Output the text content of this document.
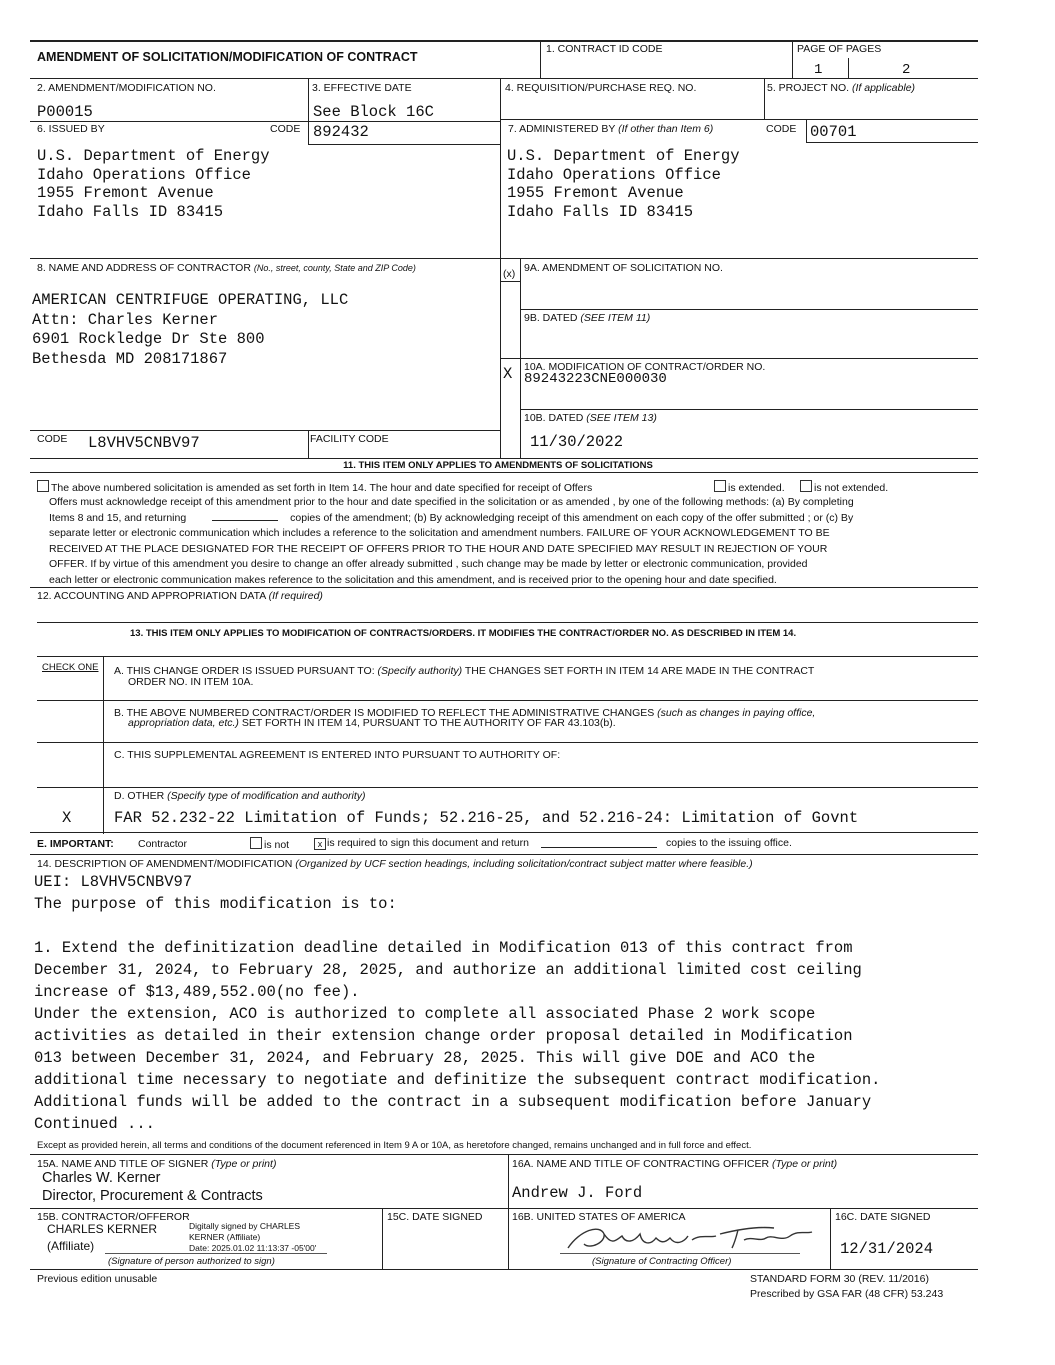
AMENDMENT OF SOLICITATION/MODIFICATION OF CONTRACT
1. CONTRACT ID CODE	PAGE OF PAGES
1	2
2. AMENDMENT/MODIFICATION NO.
P00015
3. EFFECTIVE DATE
See Block 16C
4. REQUISITION/PURCHASE REQ. NO.	5. PROJECT NO. (If applicable)
6. ISSUED BY	CODE 892432
U.S. Department of Energy
Idaho Operations Office
1955 Fremont Avenue
Idaho Falls ID 83415
7. ADMINISTERED BY (If other than Item 6)	CODE 00701
U.S. Department of Energy
Idaho Operations Office
1955 Fremont Avenue
Idaho Falls ID 83415
8. NAME AND ADDRESS OF CONTRACTOR (No., street, county, State and ZIP Code)
AMERICAN CENTRIFUGE OPERATING, LLC
Attn: Charles Kerner
6901 Rockledge Dr Ste 800
Bethesda MD 208171867
(x) 9A. AMENDMENT OF SOLICITATION NO.
9B. DATED (SEE ITEM 11)
X 10A. MODIFICATION OF CONTRACT/ORDER NO.
89243223CNE000030
10B. DATED (SEE ITEM 13)
11/30/2022
CODE L8VHV5CNBV97	FACILITY CODE
11. THIS ITEM ONLY APPLIES TO AMENDMENTS OF SOLICITATIONS
The above numbered solicitation is amended as set forth in Item 14. The hour and date specified for receipt of Offers	is extended.	is not extended.
Offers must acknowledge receipt of this amendment prior to the hour and date specified in the solicitation or as amended , by one of the following methods: (a) By completing
Items 8 and 15, and returning	copies of the amendment; (b) By acknowledging receipt of this amendment on each copy of the offer submitted ; or (c) By
separate letter or electronic communication which includes a reference to the solicitation and amendment numbers. FAILURE OF YOUR ACKNOWLEDGEMENT TO BE
RECEIVED AT THE PLACE DESIGNATED FOR THE RECEIPT OF OFFERS PRIOR TO THE HOUR AND DATE SPECIFIED MAY RESULT IN REJECTION OF YOUR
OFFER. If by virtue of this amendment you desire to change an offer already submitted , such change may be made by letter or electronic communication, provided
each letter or electronic communication makes reference to the solicitation and this amendment, and is received prior to the opening hour and date specified.
12. ACCOUNTING AND APPROPRIATION DATA (If required)
13. THIS ITEM ONLY APPLIES TO MODIFICATION OF CONTRACTS/ORDERS. IT MODIFIES THE CONTRACT/ORDER NO. AS DESCRIBED IN ITEM 14.
CHECK ONE A. THIS CHANGE ORDER IS ISSUED PURSUANT TO: (Specify authority) THE CHANGES SET FORTH IN ITEM 14 ARE MADE IN THE CONTRACT
ORDER NO. IN ITEM 10A.
B. THE ABOVE NUMBERED CONTRACT/ORDER IS MODIFIED TO REFLECT THE ADMINISTRATIVE CHANGES (such as changes in paying office,
appropriation data, etc.) SET FORTH IN ITEM 14, PURSUANT TO THE AUTHORITY OF FAR 43.103(b).
C. THIS SUPPLEMENTAL AGREEMENT IS ENTERED INTO PURSUANT TO AUTHORITY OF:
D. OTHER (Specify type of modification and authority)
X	FAR 52.232-22 Limitation of Funds; 52.216-25, and 52.216-24: Limitation of Govnt
E. IMPORTANT: Contractor	is not	x is required to sign this document and return	copies to the issuing office.
14. DESCRIPTION OF AMENDMENT/MODIFICATION (Organized by UCF section headings, including solicitation/contract subject matter where feasible.)
UEI: L8VHV5CNBV97
The purpose of this modification is to:

1. Extend the definitization deadline detailed in Modification 013 of this contract from
December 31, 2024, to February 28, 2025, and authorize an additional limited cost ceiling
increase of $13,489,552.00(no fee).
Under the extension, ACO is authorized to complete all associated Phase 2 work scope
activities as detailed in their extension change order proposal detailed in Modification
013 between December 31, 2024, and February 28, 2025. This will give DOE and ACO the
additional time necessary to negotiate and definitize the subsequent contract modification.
Additional funds will be added to the contract in a subsequent modification before January
Continued ...
Except as provided herein, all terms and conditions of the document referenced in Item 9 A or 10A, as heretofore changed, remains unchanged and in full force and effect.
15A. NAME AND TITLE OF SIGNER (Type or print)
Charles W. Kerner
Director, Procurement & Contracts
16A. NAME AND TITLE OF CONTRACTING OFFICER (Type or print)
Andrew J. Ford
15B. CONTRACTOR/OFFEROR
CHARLES KERNER
(Affiliate)
Digitally signed by CHARLES
KERNER (Affiliate)
Date: 2025.01.02 11:13:37 -05'00'
(Signature of person authorized to sign)
15C. DATE SIGNED	16B. UNITED STATES OF AMERICA
(Signature of Contracting Officer)
16C. DATE SIGNED
12/31/2024
Previous edition unusable	STANDARD FORM 30 (REV. 11/2016)
Prescribed by GSA FAR (48 CFR) 53.243
